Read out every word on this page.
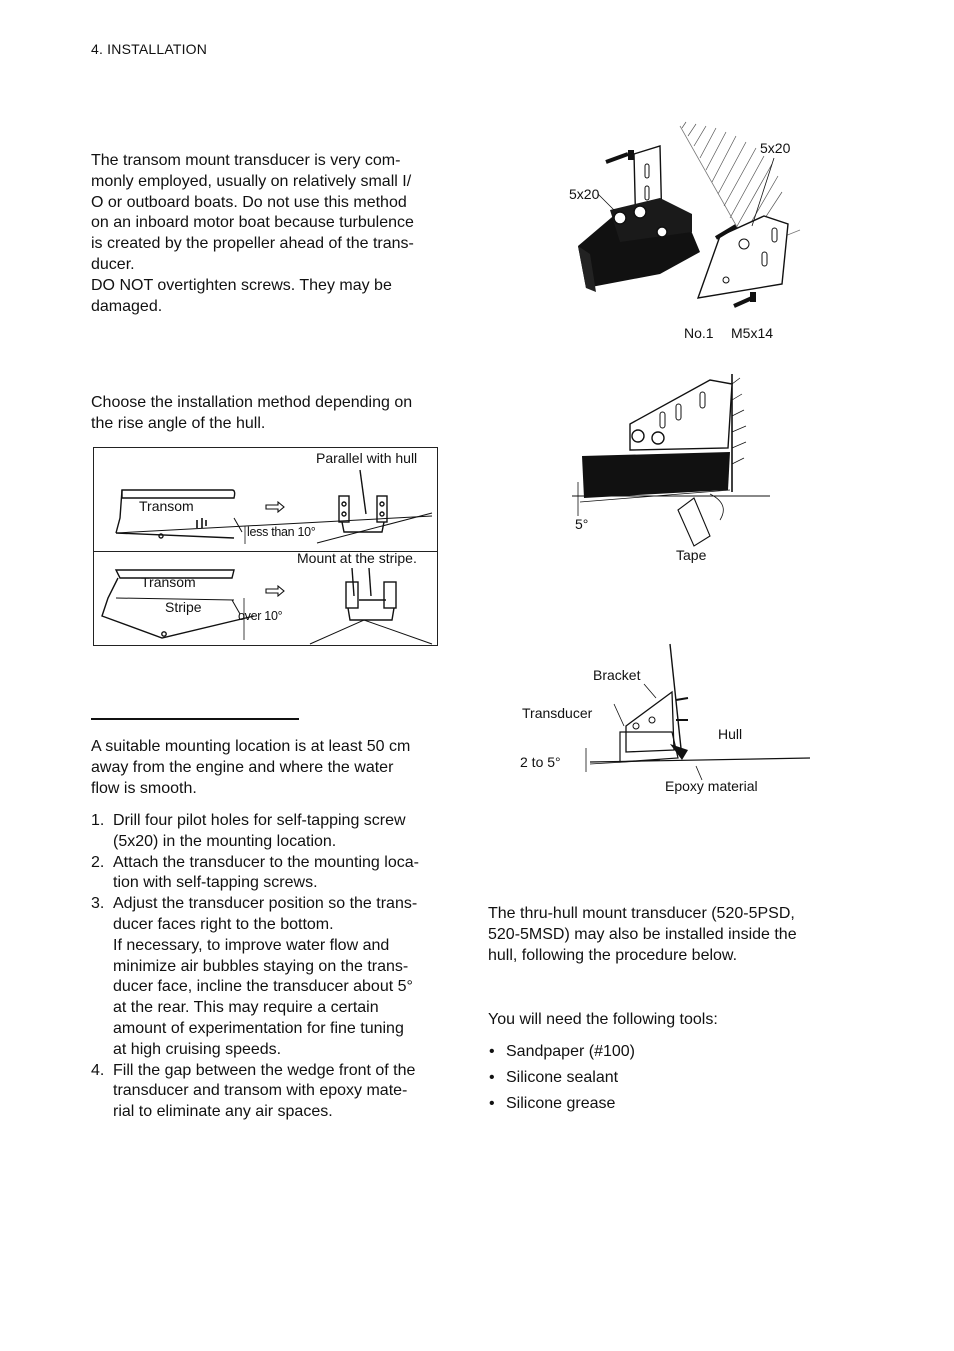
4. INSTALLATION

The transom mount transducer is very com-
monly employed, usually on relatively small I/
O or outboard boats. Do not use this method
on an inboard motor boat because turbulence
is created by the propeller ahead of the trans-
ducer.
DO NOT overtighten screws. They may be
damaged.

Choose the installation method depending on
the rise angle of the hull.

Parallel with hull
Transom
less than 10°
Mount at the stripe.
Transom
Stripe
over 10°

A suitable mounting location is at least 50 cm
away from the engine and where the water
flow is smooth.

1. Drill four pilot holes for self-tapping screw
(5x20) in the mounting location.
2. Attach the transducer to the mounting loca-
tion with self-tapping screws.
3. Adjust the transducer position so the trans-
ducer faces right to the bottom.
If necessary, to improve water flow and
minimize air bubbles staying on the trans-
ducer face, incline the transducer about 5°
at the rear. This may require a certain
amount of experimentation for fine tuning
at high cruising speeds.
4. Fill the gap between the wedge front of the
transducer and transom with epoxy mate-
rial to eliminate any air spaces.
5x20
5x20
No.1 M5x14
5°
Tape
Bracket
Transducer
Hull
2 to 5°
Epoxy material

The thru-hull mount transducer (520-5PSD,
520-5MSD) may also be installed inside the
hull, following the procedure below.

You will need the following tools:
• Sandpaper (#100)
• Silicone sealant
• Silicone grease
